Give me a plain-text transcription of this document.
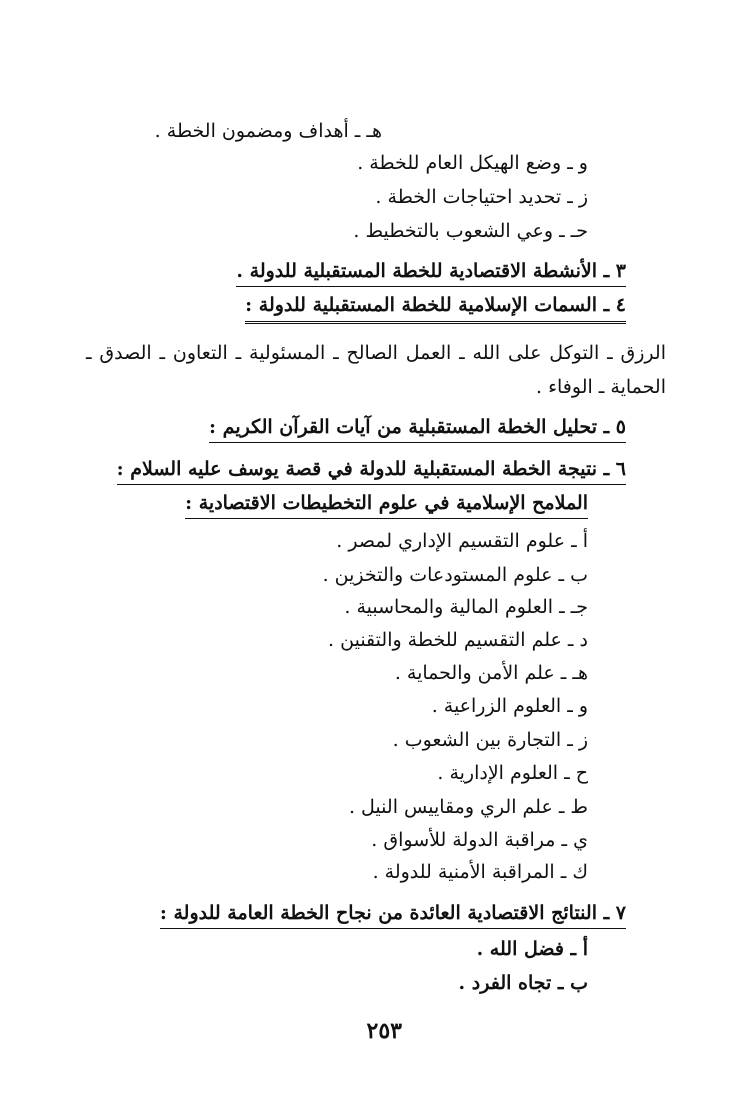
هـ ـ أهداف ومضمون الخطة .
و ـ وضع الهيكل العام للخطة .
ز ـ تحديد احتياجات الخطة .
حـ ـ وعي الشعوب بالتخطيط .
٣ ـ الأنشطة الاقتصادية للخطة المستقبلية للدولة .
٤ ـ السمات الإسلامية للخطة المستقبلية للدولة :
الرزق ـ التوكل على الله ـ العمل الصالح ـ المسئولية ـ التعاون ـ الصدق ـ الحماية ـ الوفاء .
٥ ـ تحليل الخطة المستقبلية من آيات القرآن الكريم :
٦ ـ نتيجة الخطة المستقبلية للدولة في قصة يوسف عليه السلام :
الملامح الإسلامية في علوم التخطيطات الاقتصادية :
أ ـ علوم التقسيم الإداري لمصر .
ب ـ علوم المستودعات والتخزين .
جـ ـ العلوم المالية والمحاسبية .
د ـ علم التقسيم للخطة والتقنين .
هـ ـ علم الأمن والحماية .
و ـ العلوم الزراعية .
ز ـ التجارة بين الشعوب .
ح ـ العلوم الإدارية .
ط ـ علم الري ومقاييس النيل .
ي ـ مراقبة الدولة للأسواق .
ك ـ المراقبة الأمنية للدولة .
٧ ـ النتائج الاقتصادية العائدة من نجاح الخطة العامة للدولة :
أ ـ فضل الله .
ب ـ تجاه الفرد .
٢٥٣
